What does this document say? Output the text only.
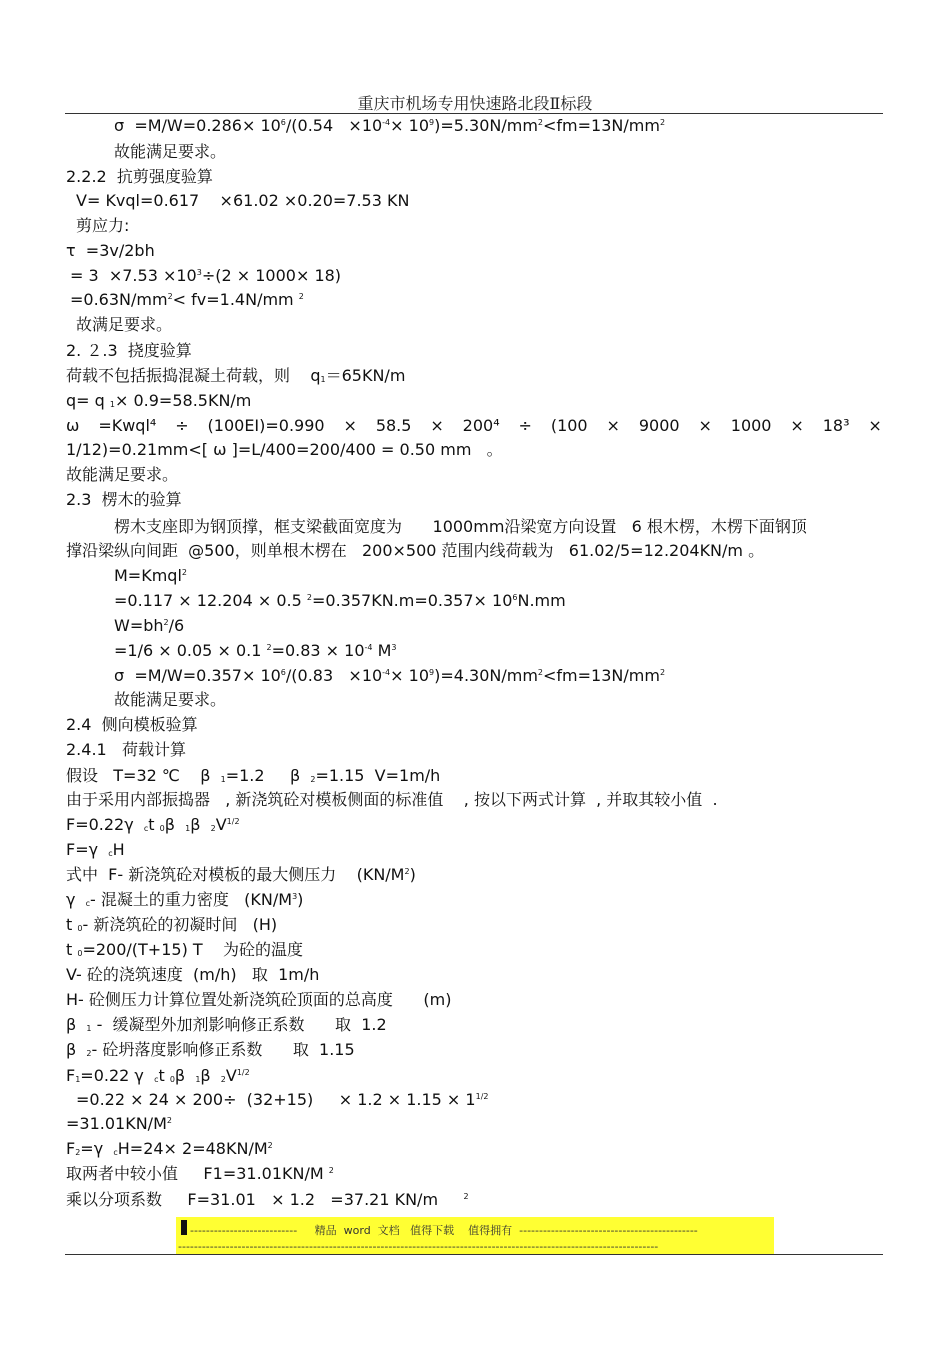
重庆市机场专用快速路北段Ⅱ标段
$\sigma =M/W=0.286\times 10^6/(0.54 \times 10^{-4}\times 10^9)=5.30N/mm^2<fm=13N/mm^2$
故能满足要求。
2.2.2  抗剪强度验算
V= Kvql=0.617    ×61.02 ×0.20=7.53 KN
剪应力:
τ  =3v/2bh
= $3 \times 7.53 \times 10^3\div(2 \times 1000\times 18)$
$=0.63N/mm^2< fv=1.4N/mm$ $^2$
故满足要求。
2. ２.3  挠度验算
荷载不包括振捣混凝土荷载，则    $q_1=65KN/m$
q= q $_1$× 0.9=58.5KN/m
ω =Kwql⁴ ÷ (100EI)=0.990 × 58.5 × 200⁴ ÷ (100 × 9000 × 1000 × 18³ ×
1/12)=0.21mm<[ ω ]=L/400=200/400 = 0.50 mm   。
故能满足要求。
2.3  楞木的验算
楞木支座即为钢顶撑，框支梁截面宽度为      1000mm沿梁宽方向设置   6 根木楞，木楞下面钢顶
撑沿梁纵向间距  @500，则单根木楞在   200×500 范围内线荷载为   61.02/5=12.204KN/m 。
M=Kmql$^2$
=0.117 × 12.204 × 0.5 $^2=0.357KN.m=0.357\times 10^6N.mm$
$W=bh^2/6$
=1/6 × 0.05 × 0.1 $^2=0.83 \times 10^{-4}$ $M^3$
$\sigma =M/W=0.357\times 10^6/(0.83 \times 10^{-4}\times 10^9)=4.30N/mm^2<fm=13N/mm^2$
故能满足要求。
2.4  侧向模板验算
2.4.1   荷载计算
假设   T=32 ℃    β  $_1$=1.2     β  $_2$=1.15  V=1m/h
由于采用内部振捣器   , 新浇筑砼对模板侧面的标准值    , 按以下两式计算  , 并取其较小值  .
F=0.22γ  $_c$t $_0$β  $_1$β  $_2V^{1/2}$
F=γ  $_c$H
式中  F- 新浇筑砼对模板的最大侧压力    $(KN/M^2)$
γ  $_c$- 混凝土的重力密度   $(KN/M^3)$
t $_0$- 新浇筑砼的初凝时间   (H)
t $_0$=200/(T+15) T    为砼的温度
V- 砼的浇筑速度  (m/h)   取  1m/h
H- 砼侧压力计算位置处新浇筑砼顶面的总高度      (m)
β  $_1$ -  缓凝型外加剂影响修正系数      取  1.2
β  $_2$- 砼坍落度影响修正系数      取  1.15
$F_1=0.22$ γ  $_c$t $_0$β  $_1$β  $_2V^{1/2}$
=0.22 × 24 × 200÷  (32+15)     × $1.2 \times 1.15 \times 1^{1/2}$
$=31.01KN/M^2$
$F_2=\gamma$  $_cH=24\times 2=48KN/M^2$
取两者中较小值     F1=31.01KN/M $^2$
乘以分项系数     F=31.01   × 1.2   =37.21 KN/m     $^2$
---------------------------     精品  word  文档   值得下载    值得拥有  ---------------------------------------------
-------------------------------------------------------------------------------------------------------------------------
